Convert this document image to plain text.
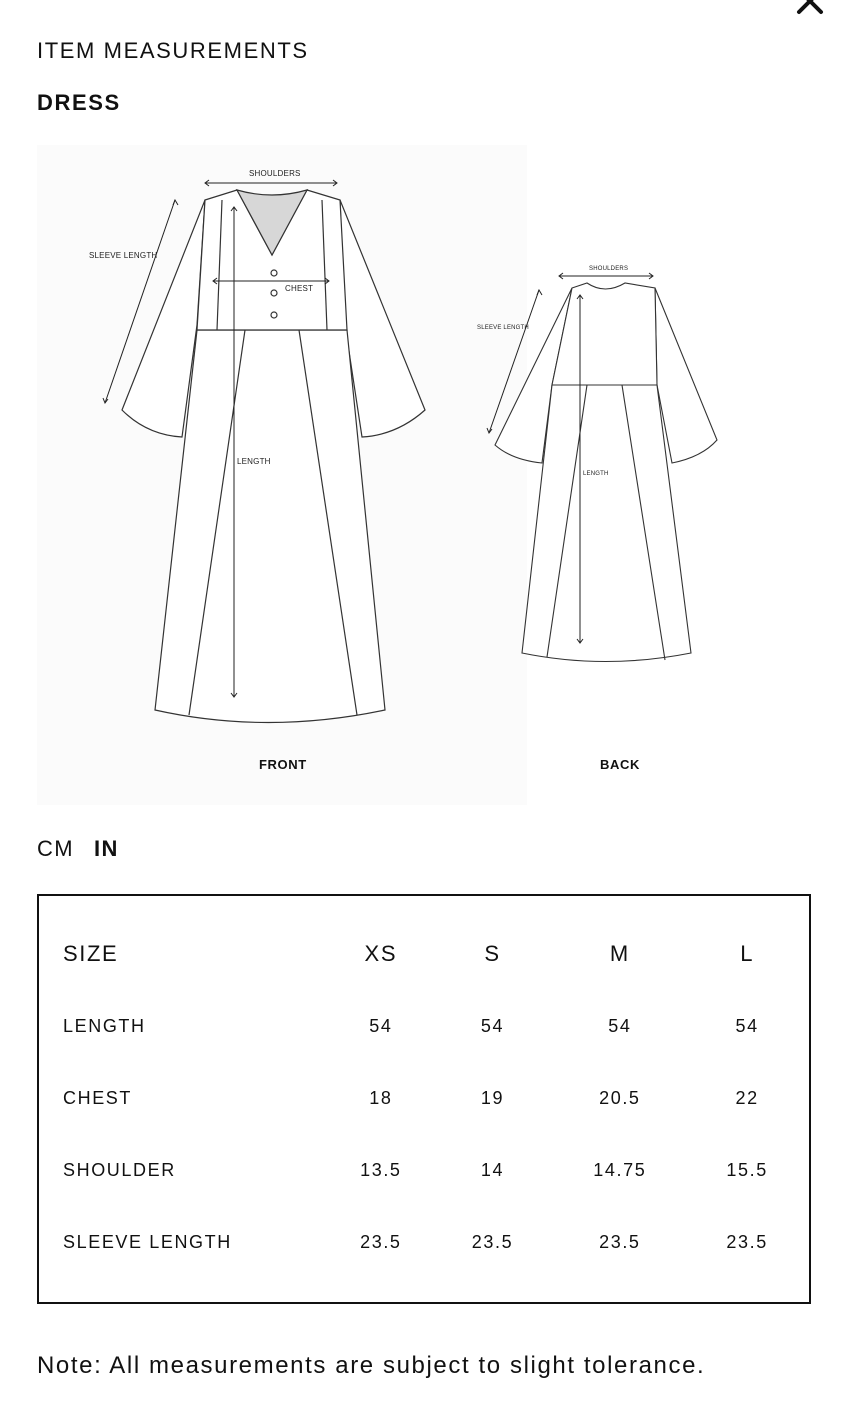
ITEM MEASUREMENTS
DRESS
SHOULDERS
SLEEVE LENGTH
CHEST
LENGTH
SHOULDERS
SLEEVE LENGTH
LENGTH
FRONT	BACK
CM IN
SIZE	XS	S	M	L
LENGTH	54	54	54	54
CHEST	18	19	20.5	22
SHOULDER	13.5	14	14.75	15.5
SLEEVE LENGTH	23.5	23.5	23.5	23.5

Note: All measurements are subject to slight tolerance.
